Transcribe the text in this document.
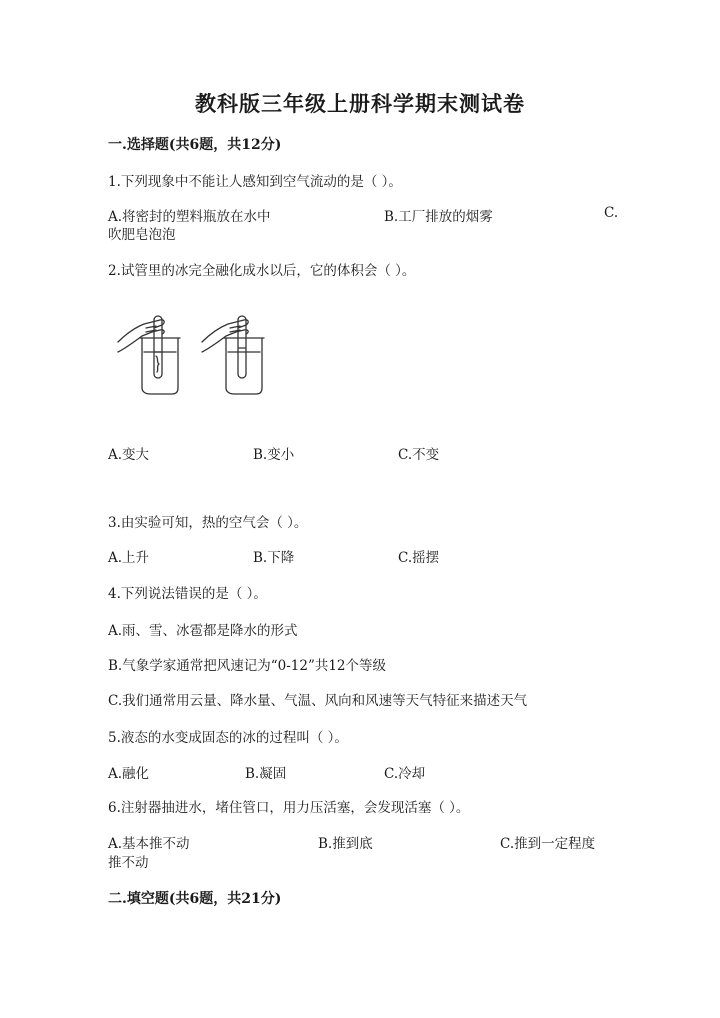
教科版三年级上册科学期末测试卷
一.选择题(共6题，共12分)
1.下列现象中不能让人感知到空气流动的是（ ）。
A.将密封的塑料瓶放在水中	B.工厂排放的烟雾	C.
吹肥皂泡泡
2.试管里的冰完全融化成水以后，它的体积会（ ）。
A.变大	B.变小	C.不变
3.由实验可知，热的空气会（ ）。
A.上升	B.下降	C.摇摆
4.下列说法错误的是（ ）。
A.雨、雪、冰雹都是降水的形式
B.气象学家通常把风速记为“0-12”共12个等级
C.我们通常用云量、降水量、气温、风向和风速等天气特征来描述天气
5.液态的水变成固态的冰的过程叫（ ）。
A.融化	B.凝固	C.冷却
6.注射器抽进水，堵住管口，用力压活塞，会发现活塞（ ）。
A.基本推不动	B.推到底	C.推到一定程度
推不动
二.填空题(共6题，共21分)
